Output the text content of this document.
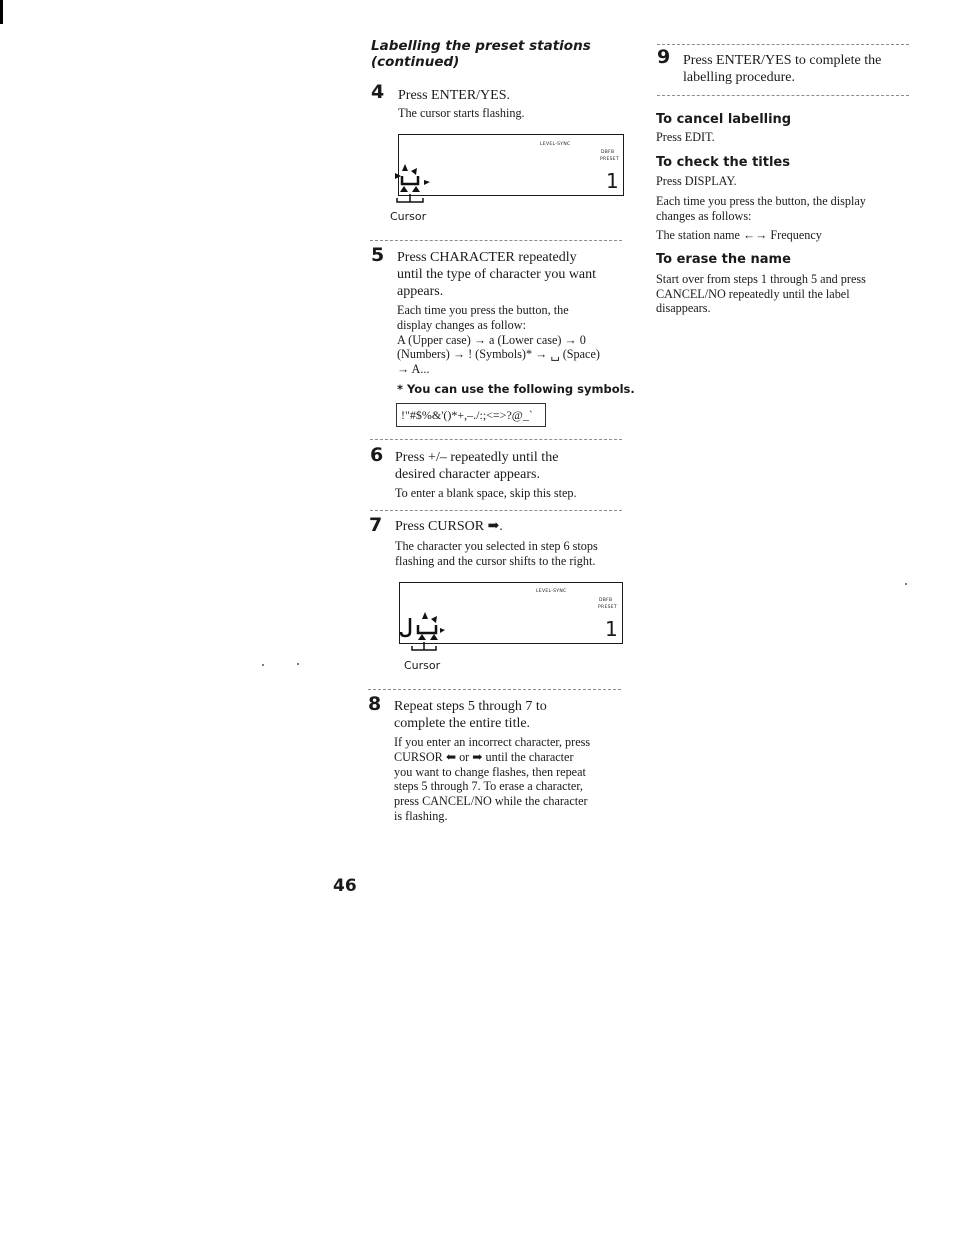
Labelling the preset stations
(continued)
4 Press ENTER/YES.
The cursor starts flashing.
LEVEL-SYNC
DBFB
PRESET
1
Cursor
5 Press CHARACTER repeatedly
until the type of character you want
appears.
Each time you press the button, the
display changes as follow:
A (Upper case) → a (Lower case) → 0
(Numbers) → ! (Symbols)* → ␣ (Space)
→ A...
* You can use the following symbols.
!"#$%&'()*+,–./:;<=>?@_`
6 Press +/– repeatedly until the
desired character appears.
To enter a blank space, skip this step.
7 Press CURSOR ➡.
The character you selected in step 6 stops
flashing and the cursor shifts to the right.
LEVEL-SYNC
DBFB
PRESET
1
Cursor
8 Repeat steps 5 through 7 to
complete the entire title.
If you enter an incorrect character, press
CURSOR ⬅ or ➡ until the character
you want to change flashes, then repeat
steps 5 through 7. To erase a character,
press CANCEL/NO while the character
is flashing.
46
9 Press ENTER/YES to complete the
labelling procedure.
To cancel labelling
Press EDIT.
To check the titles
Press DISPLAY.
Each time you press the button, the display
changes as follows:
The station name ←→ Frequency
To erase the name
Start over from steps 1 through 5 and press
CANCEL/NO repeatedly until the label
disappears.
